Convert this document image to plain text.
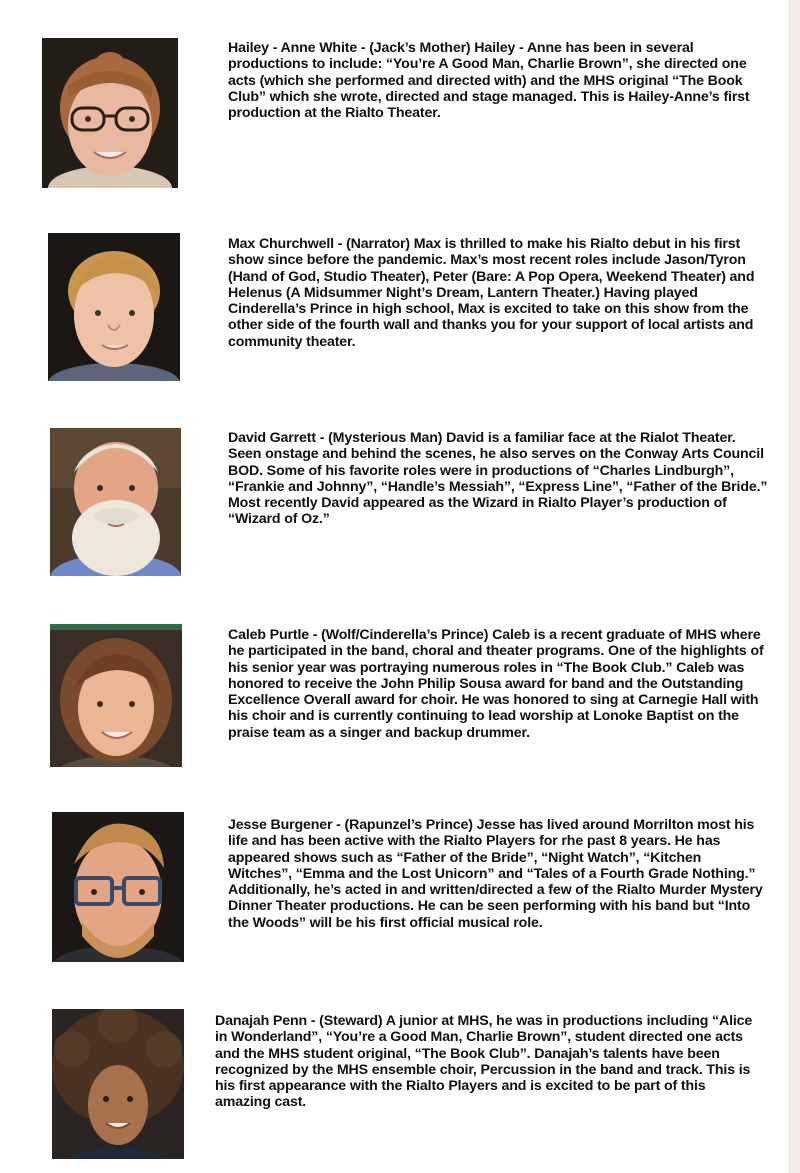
Hailey - Anne White - (Jack’s Mother) Hailey - Anne has been in several productions to include: “You’re A Good Man, Charlie Brown”, she directed one acts (which she performed and directed with) and the MHS original “The Book Club” which she wrote, directed and stage managed. This is Hailey-Anne’s first production at the Rialto Theater.

Max Churchwell - (Narrator) Max is thrilled to make his Rialto debut in his first show since before the pandemic. Max’s most recent roles include Jason/Tyron (Hand of God, Studio Theater), Peter (Bare: A Pop Opera, Weekend Theater) and Helenus (A Midsummer Night’s Dream, Lantern Theater.) Having played Cinderella’s Prince in high school, Max is excited to take on this show from the other side of the fourth wall and thanks you for your support of local artists and community theater.

David Garrett - (Mysterious Man) David is a familiar face at the Rialot Theater. Seen onstage and behind the scenes, he also serves on the Conway Arts Council BOD. Some of his favorite roles were in productions of “Charles Lindburgh”, “Frankie and Johnny”, “Handle’s Messiah”, “Express Line”, “Father of the Bride.” Most recently David appeared as the Wizard in Rialto Player’s production of “Wizard of Oz.”

Caleb Purtle - (Wolf/Cinderella’s Prince) Caleb is a recent graduate of MHS where he participated in the band, choral and theater programs. One of the highlights of his senior year was portraying numerous roles in “The Book Club.” Caleb was honored to receive the John Philip Sousa award for band and the Outstanding Excellence Overall award for choir. He was honored to sing at Carnegie Hall with his choir and is currently continuing to lead worship at Lonoke Baptist on the praise team as a singer and backup drummer.

Jesse Burgener - (Rapunzel’s Prince) Jesse has lived around Morrilton most his life and has been active with the Rialto Players for rhe past 8 years. He has appeared shows such as “Father of the Bride”, “Night Watch”, “Kitchen Witches”, “Emma and the Lost Unicorn” and “Tales of a Fourth Grade Nothing.” Additionally, he’s acted in and written/directed a few of the Rialto Murder Mystery Dinner Theater productions. He can be seen performing with his band but “Into the Woods” will be his first official musical role.

Danajah Penn - (Steward) A junior at MHS, he was in productions including “Alice in Wonderland”, “You’re a Good Man, Charlie Brown”, student directed one acts and the MHS student original, “The Book Club”. Danajah’s talents have been recognized by the MHS ensemble choir, Percussion in the band and track. This is his first appearance with the Rialto Players and is excited to be part of this amazing cast.
